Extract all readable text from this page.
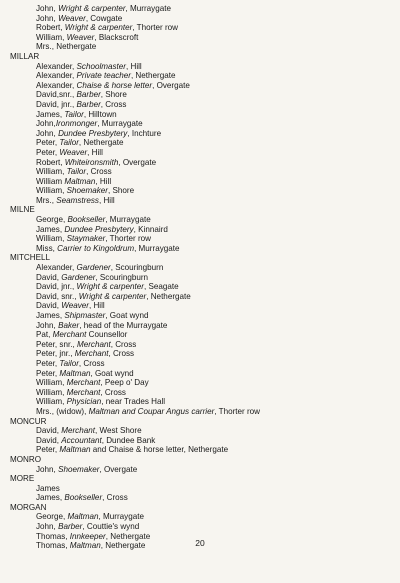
John, Wright & carpenter, Murraygate
John, Weaver, Cowgate
Robert, Wright & carpenter, Thorter row
William, Weaver, Blackscroft
Mrs., Nethergate
MILLAR
Alexander, Schoolmaster, Hill
Alexander, Private teacher, Nethergate
Alexander, Chaise & horse letter, Overgate
David,snr., Barber, Shore
David, jnr., Barber, Cross
James, Tailor, Hilltown
John,Ironmonger, Murraygate
John, Dundee Presbytery, Inchture
Peter, Tailor, Nethergate
Peter, Weaver, Hill
Robert, Whiteironsmith, Overgate
William, Tailor, Cross
William Maltman, Hill
William, Shoemaker, Shore
Mrs., Seamstress, Hill
MILNE
George, Bookseller, Murraygate
James, Dundee Presbytery, Kinnaird
William, Staymaker, Thorter row
Miss, Carrier to Kingoldrum, Murraygate
MITCHELL
Alexander, Gardener, Scouringburn
David, Gardener, Scouringburn
David, jnr., Wright & carpenter, Seagate
David, snr., Wright & carpenter, Nethergate
David, Weaver, Hill
James, Shipmaster, Goat wynd
John, Baker, head of the Murraygate
Pat, Merchant Counsellor
Peter, snr., Merchant, Cross
Peter, jnr., Merchant, Cross
Peter, Tailor, Cross
Peter, Maltman, Goat wynd
William, Merchant, Peep o' Day
William, Merchant, Cross
William, Physician, near Trades Hall
Mrs., (widow), Maltman and Coupar Angus carrier, Thorter row
MONCUR
David, Merchant, West Shore
David, Accountant, Dundee Bank
Peter, Maltman and Chaise & horse letter, Nethergate
MONRO
John, Shoemaker, Overgate
MORE
James
James, Bookseller, Cross
MORGAN
George, Maltman, Murraygate
John, Barber, Couttie's wynd
Thomas, Innkeeper, Nethergate
Thomas, Maltman, Nethergate	20
